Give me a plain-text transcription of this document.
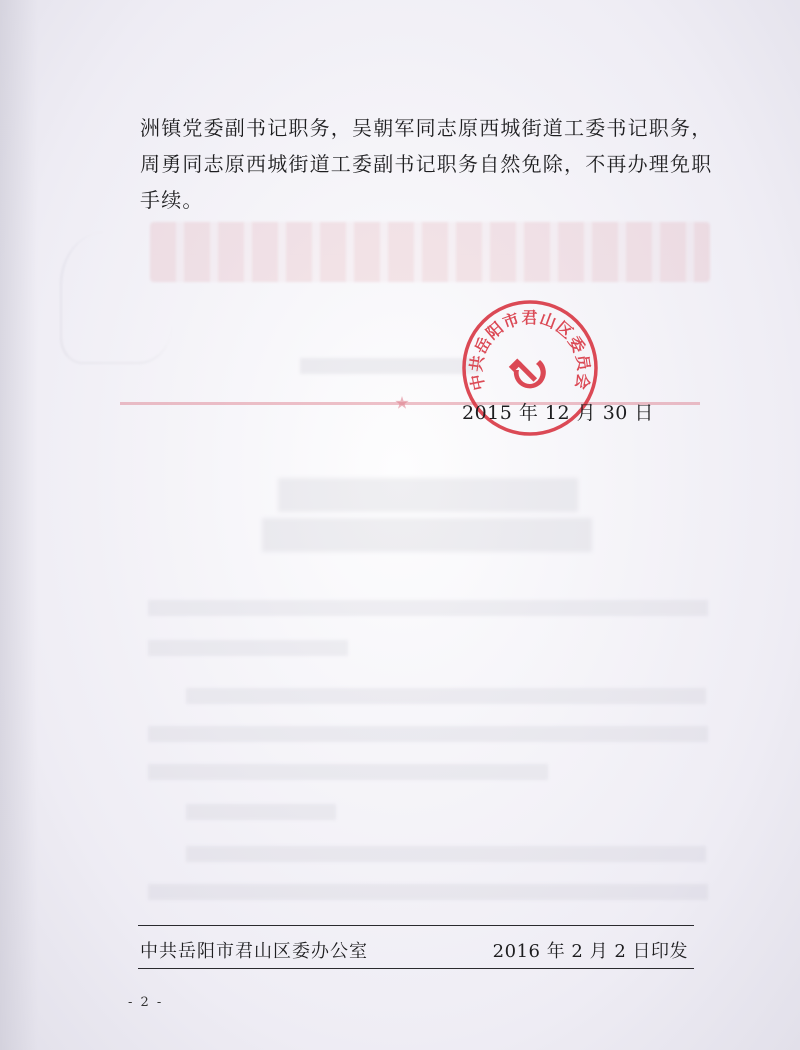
洲镇党委副书记职务，吴朝军同志原西城街道工委书记职务，周勇同志原西城街道工委副书记职务自然免除，不再办理免职手续。

中共岳阳市君山区委员会
2015 年 12 月 30 日
中共岳阳市君山区委办公室	2016 年 2 月 2 日印发
- 2 -
